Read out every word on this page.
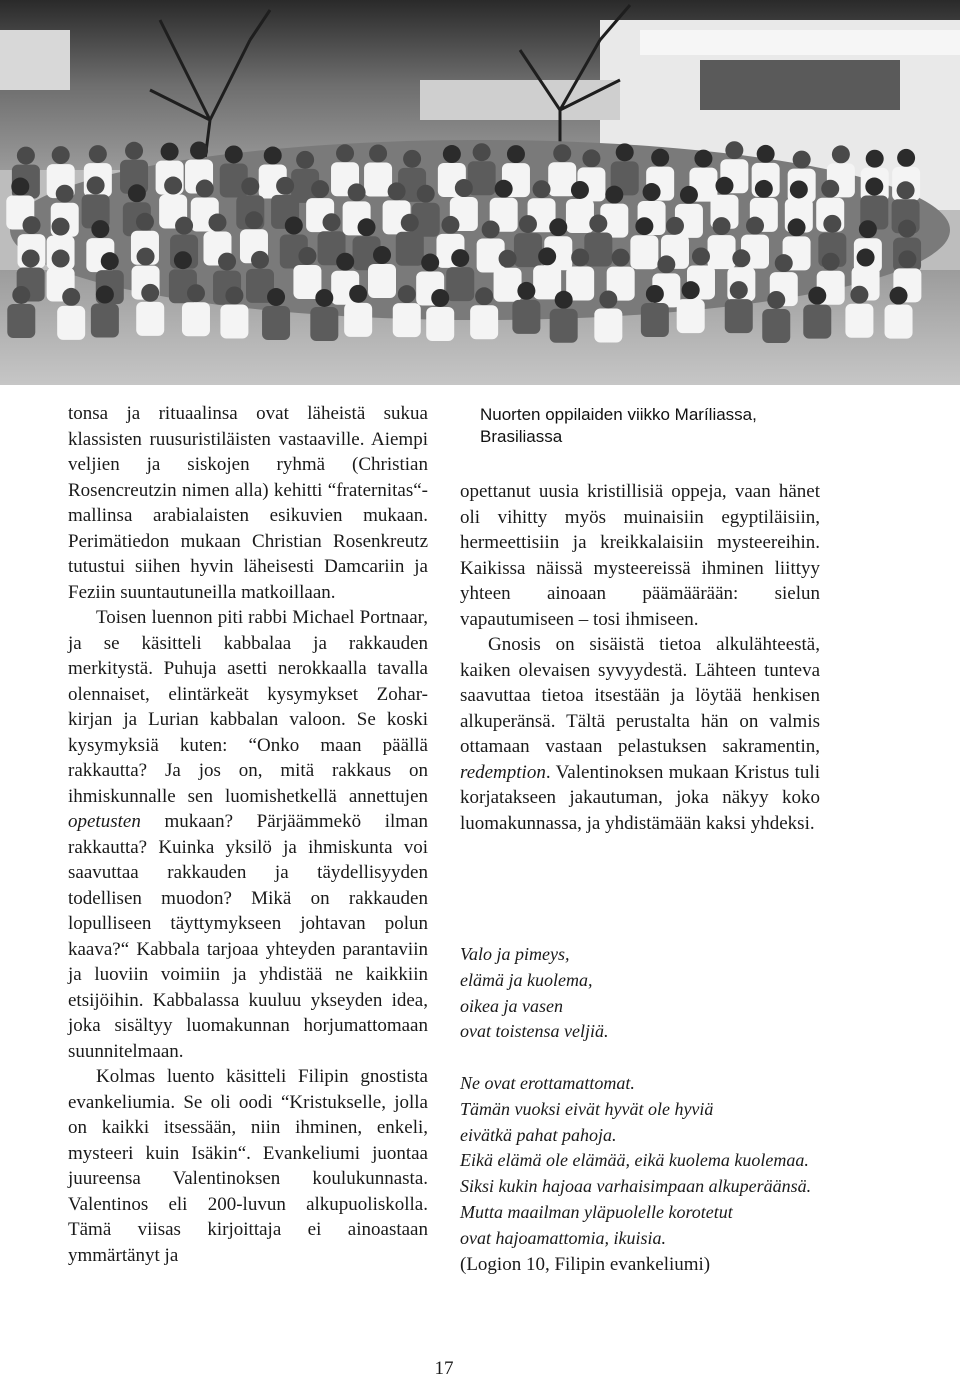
Nuorten oppilaiden viikko Maríliassa,
Brasiliassa

tonsa ja rituaalinsa ovat läheistä sukua klassisten ruusuristiläisten vastaaville. Aiempi veljien ja siskojen ryhmä (Christian Rosencreutzin nimen alla) kehitti “fraternitas“-mallinsa arabialaisten esikuvien mukaan. Perimätiedon mukaan Christian Rosenkreutz tutustui siihen hyvin läheisesti Damcariin ja Feziin suuntautuneilla matkoillaan.

Toisen luennon piti rabbi Michael Portnaar, ja se käsitteli kabbalaa ja rakkauden merkitystä. Puhuja asetti nerokkaalla tavalla olennaiset, elintärkeät kysymykset Zohar-kirjan ja Lurian kabbalan valoon. Se koski kysymyksiä kuten: “Onko maan päällä rakkautta? Ja jos on, mitä rakkaus on ihmiskunnalle sen luomishetkellä annettujen opetusten mukaan? Pärjäämmekö ilman rakkautta? Kuinka yksilö ja ihmiskunta voi saavuttaa rakkauden ja täydellisyyden todellisen muodon? Mikä on rakkauden lopulliseen täyttymykseen johtavan polun kaava?“ Kabbala tarjoaa yhteyden parantaviin ja luoviin voimiin ja yhdistää ne kaikkiin etsijöihin. Kabbalassa kuuluu ykseyden idea, joka sisältyy luomakunnan horjumattomaan suunnitelmaan.

Kolmas luento käsitteli Filipin gnostista evankeliumia. Se oli oodi “Kristukselle, jolla on kaikki itsessään, niin ihminen, enkeli, mysteeri kuin Isäkin“. Evankeliumi juontaa juureensa Valentinoksen koulukunnasta. Valentinos eli 200-luvun alkupuoliskolla. Tämä viisas kirjoittaja ei ainoastaan ymmärtänyt ja

opettanut uusia kristillisiä oppeja, vaan hänet oli vihitty myös muinaisiin egyptiläisiin, hermeettisiin ja kreikkalaisiin mysteereihin. Kaikissa näissä mysteereissä ihminen liittyy yhteen ainoaan päämäärään: sielun vapautumiseen – tosi ihmiseen.

Gnosis on sisäistä tietoa alkulähteestä, kaiken olevaisen syvyydestä. Lähteen tunteva saavuttaa tietoa itsestään ja löytää henkisen alkuperänsä. Tältä perustalta hän on valmis ottamaan vastaan pelastuksen sakramentin, redemption. Valentinoksen mukaan Kristus tuli korjatakseen jakautuman, joka näkyy koko luomakunnassa, ja yhdistämään kaksi yhdeksi.

Valo ja pimeys,
elämä ja kuolema,
oikea ja vasen
ovat toistensa veljiä.
Ne ovat erottamattomat.
Tämän vuoksi eivät hyvät ole hyviä
eivätkä pahat pahoja.
Eikä elämä ole elämää, eikä kuolema kuolemaa.
Siksi kukin hajoaa varhaisimpaan alkuperäänsä.
Mutta maailman yläpuolelle korotetut
ovat hajoamattomia, ikuisia.
(Logion 10, Filipin evankeliumi)
17
